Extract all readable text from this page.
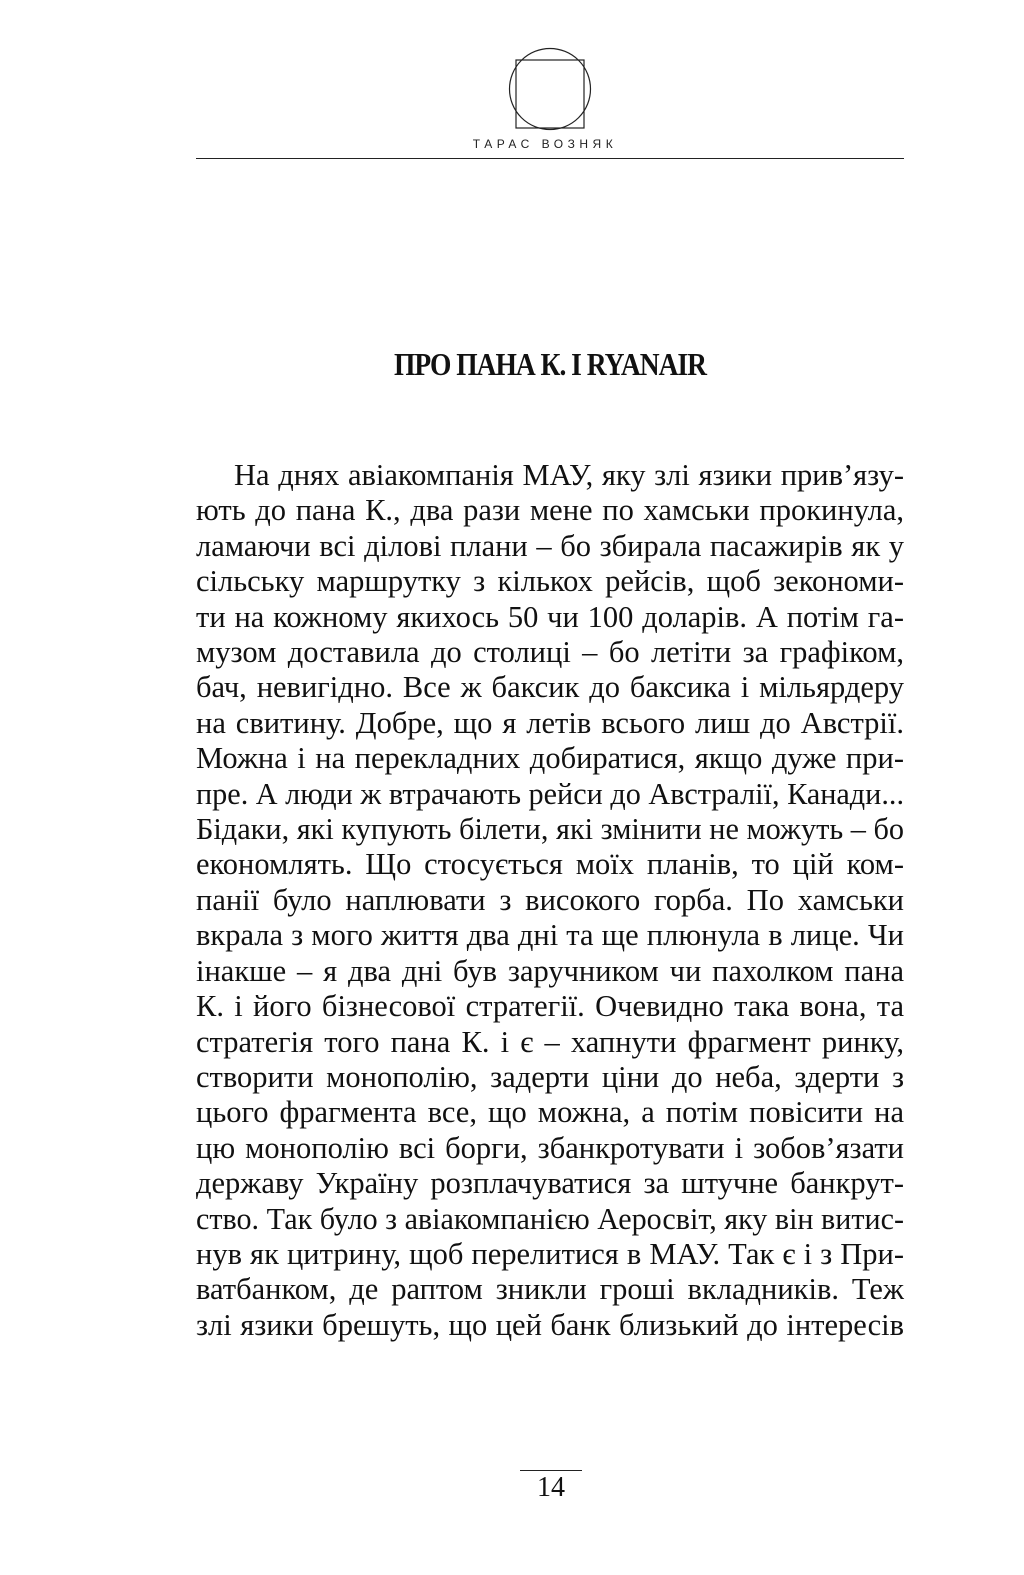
ТАРАС ВОЗНЯК
ПРО ПАНА К. І RYANAIR
На днях авіакомпанія МАУ, яку злі язики прив’язу-
ють до пана К., два рази мене по хамськи прокинула,
ламаючи всі ділові плани – бо збирала пасажирів як у
сільську маршрутку з кількох рейсів, щоб зекономи-
ти на кожному якихось 50 чи 100 доларів. А потім га-
музом доставила до столиці – бо летіти за графіком,
бач, невигідно. Все ж баксик до баксика і мільярдеру
на свитину. Добре, що я летів всього лиш до Австрії.
Можна і на перекладних добиратися, якщо дуже при-
пре. А люди ж втрачають рейси до Австралії, Канади...
Бідаки, які купують білети, які змінити не можуть – бо
економлять. Що стосується моїх планів, то цій ком-
панії було наплювати з високого горба. По хамськи
вкрала з мого життя два дні та ще плюнула в лице. Чи
інакше – я два дні був заручником чи пахолком пана
К. і його бізнесової стратегії. Очевидно така вона, та
стратегія того пана К. і є – хапнути фрагмент ринку,
створити монополію, задерти ціни до неба, здерти з
цього фрагмента все, що можна, а потім повісити на
цю монополію всі борги, збанкротувати і зобов’язати
державу Україну розплачуватися за штучне банкрут-
ство. Так було з авіакомпанією Аеросвіт, яку він витис-
нув як цитрину, щоб перелитися в МАУ. Так є і з При-
ватбанком, де раптом зникли гроші вкладників. Теж
злі язики брешуть, що цей банк близький до інтересів
14
